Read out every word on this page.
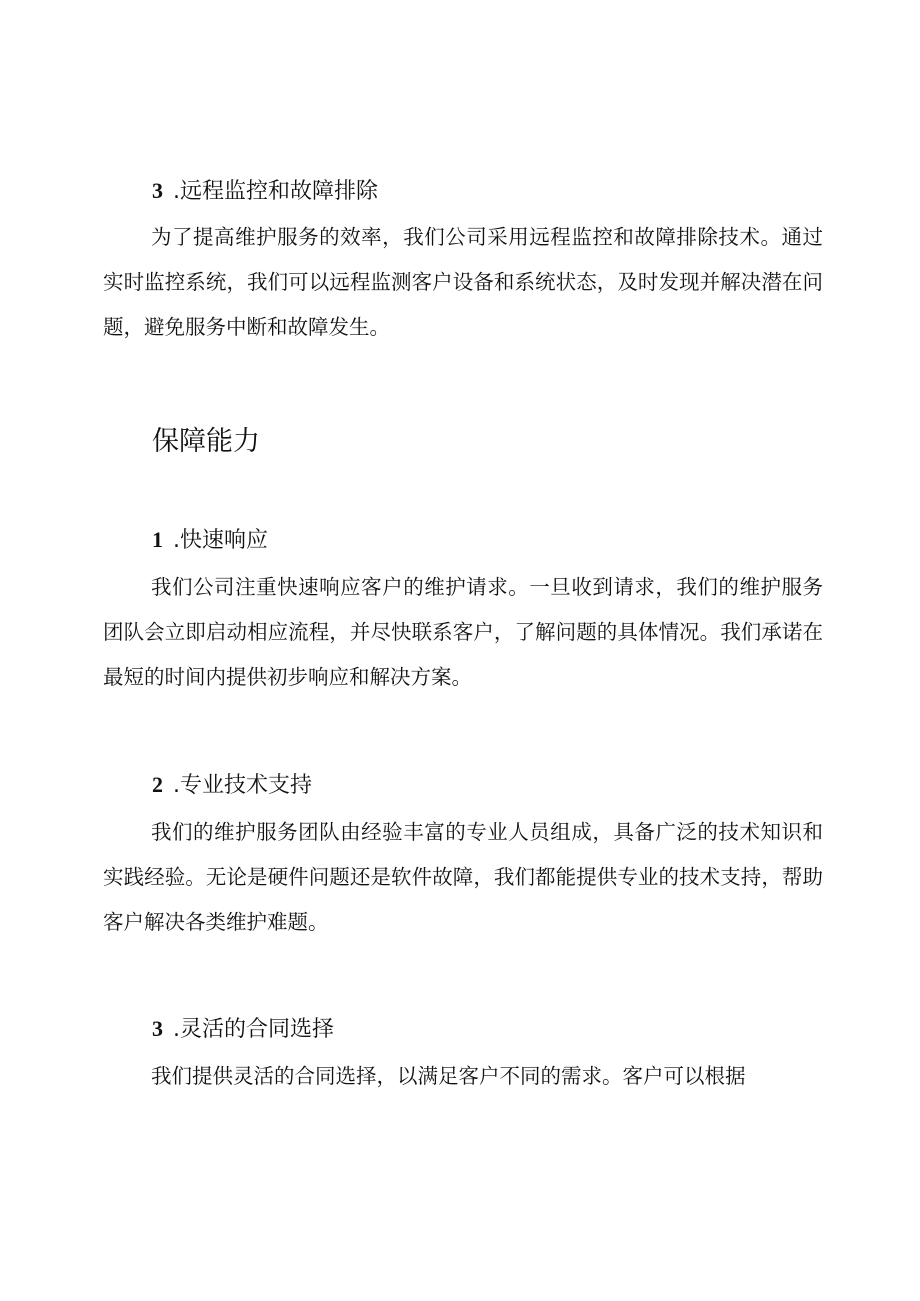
3 .远程监控和故障排除

为了提高维护服务的效率，我们公司采用远程监控和故障排除技术。通过实时监控系统，我们可以远程监测客户设备和系统状态，及时发现并解决潜在问题，避免服务中断和故障发生。

保障能力
1 .快速响应

我们公司注重快速响应客户的维护请求。一旦收到请求，我们的维护服务团队会立即启动相应流程，并尽快联系客户，了解问题的具体情况。我们承诺在最短的时间内提供初步响应和解决方案。

2 .专业技术支持

我们的维护服务团队由经验丰富的专业人员组成，具备广泛的技术知识和实践经验。无论是硬件问题还是软件故障，我们都能提供专业的技术支持，帮助客户解决各类维护难题。

3 .灵活的合同选择

我们提供灵活的合同选择，以满足客户不同的需求。客户可以根据
